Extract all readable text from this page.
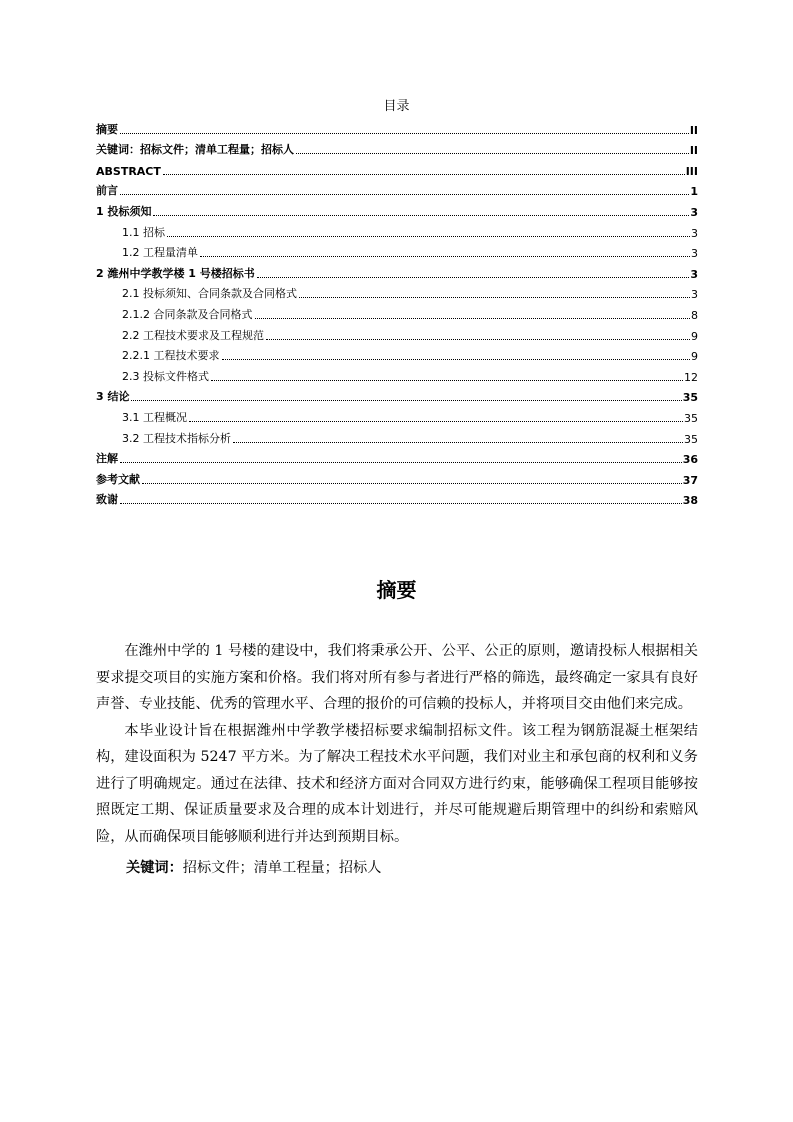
目录
摘要	II
关键词：招标文件；清单工程量；招标人	II
ABSTRACT	III
前言	1
1 投标须知	3
1.1 招标	3
1.2 工程量清单	3
2 潍州中学教学楼 1 号楼招标书	3
2.1 投标须知、合同条款及合同格式	3
2.1.2 合同条款及合同格式	8
2.2 工程技术要求及工程规范	9
2.2.1 工程技术要求	9
2.3 投标文件格式	12
3 结论	35
3.1 工程概况	35
3.2 工程技术指标分析	35
注解	36
参考文献	37
致谢	38
摘要

在潍州中学的 1 号楼的建设中，我们将秉承公开、公平、公正的原则，邀请投标人根据相关要求提交项目的实施方案和价格。我们将对所有参与者进行严格的筛选，最终确定一家具有良好声誉、专业技能、优秀的管理水平、合理的报价的可信赖的投标人，并将项目交由他们来完成。

本毕业设计旨在根据潍州中学教学楼招标要求编制招标文件。该工程为钢筋混凝土框架结构，建设面积为 5247 平方米。为了解决工程技术水平问题，我们对业主和承包商的权利和义务进行了明确规定。通过在法律、技术和经济方面对合同双方进行约束，能够确保工程项目能够按照既定工期、保证质量要求及合理的成本计划进行，并尽可能规避后期管理中的纠纷和索赔风险，从而确保项目能够顺利进行并达到预期目标。

关键词：招标文件；清单工程量；招标人
